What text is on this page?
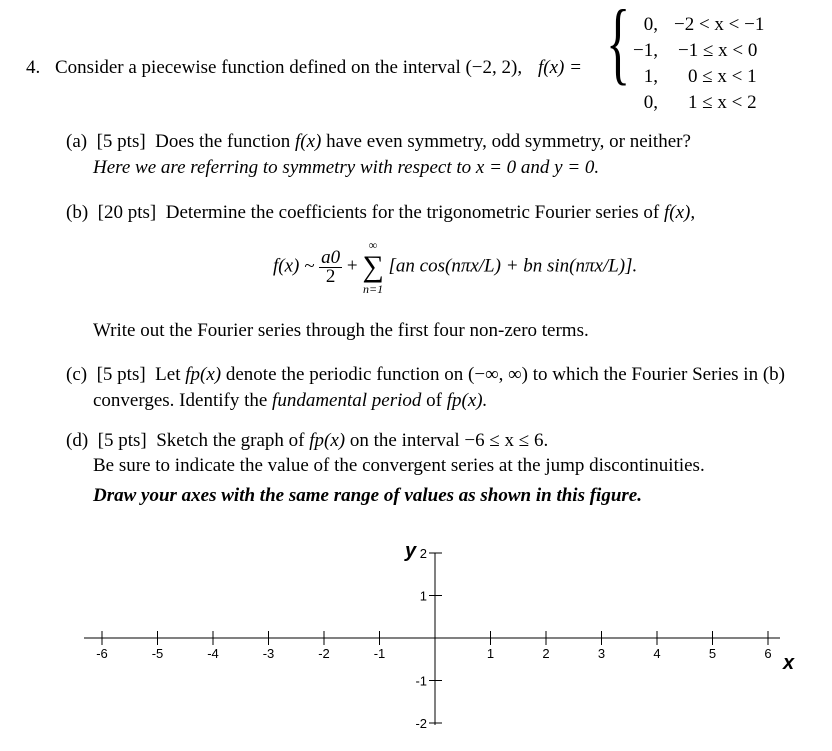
4. Consider a piecewise function defined on the interval (−2, 2), f(x) = { 0, −2 < x < −1
−1, −1 ≤ x < 0
1, 0 ≤ x < 1
0, 1 ≤ x < 2
(a) [5 pts] Does the function f(x) have even symmetry, odd symmetry, or neither?
Here we are referring to symmetry with respect to x = 0 and y = 0.
(b) [20 pts] Determine the coefficients for the trigonometric Fourier series of f(x),
f(x) ~ $\frac{a0}{2}$ +
∞
∑
n=1
[an cos(nπx/L) + bn sin(nπx/L)].
Write out the Fourier series through the first four non-zero terms.
(c) [5 pts] Let fp(x) denote the periodic function on (−∞, ∞) to which the Fourier Series in (b)
converges. Identify the fundamental period of fp(x).
(d) [5 pts] Sketch the graph of fp(x) on the interval −6 ≤ x ≤ 6.
Be sure to indicate the value of the convergent series at the jump discontinuities.
Draw your axes with the same range of values as shown in this figure.
-6	-5	-4	-3	-2	-1	1	2	3	4	5	6
2
1
-1
-2
y
x
